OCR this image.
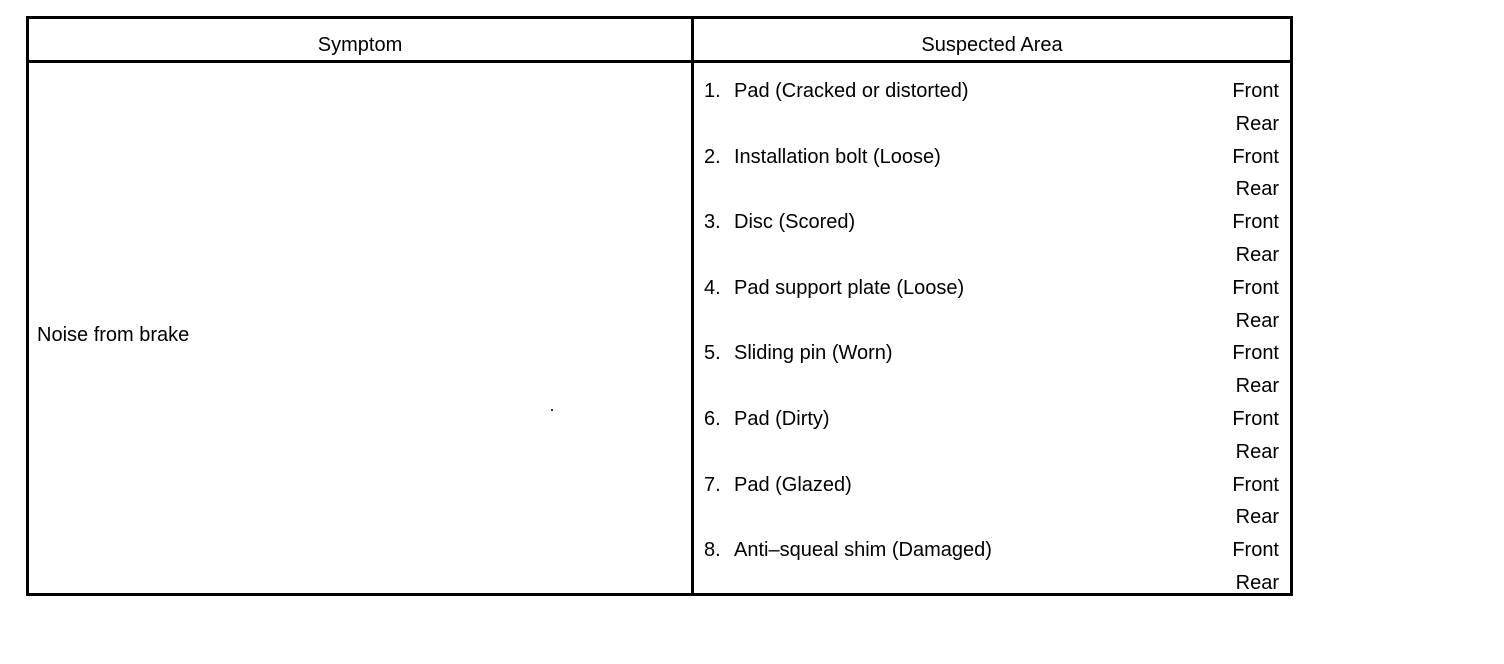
Symptom	Suspected Area
Noise from brake
1. Pad (Cracked or distorted)	Front
Rear
2. Installation bolt (Loose)	Front
Rear
3. Disc (Scored)	Front
Rear
4. Pad support plate (Loose)	Front
Rear
5. Sliding pin (Worn)	Front
Rear
6. Pad (Dirty)	Front
Rear
7. Pad (Glazed)	Front
Rear
8. Anti–squeal shim (Damaged)	Front
Rear
